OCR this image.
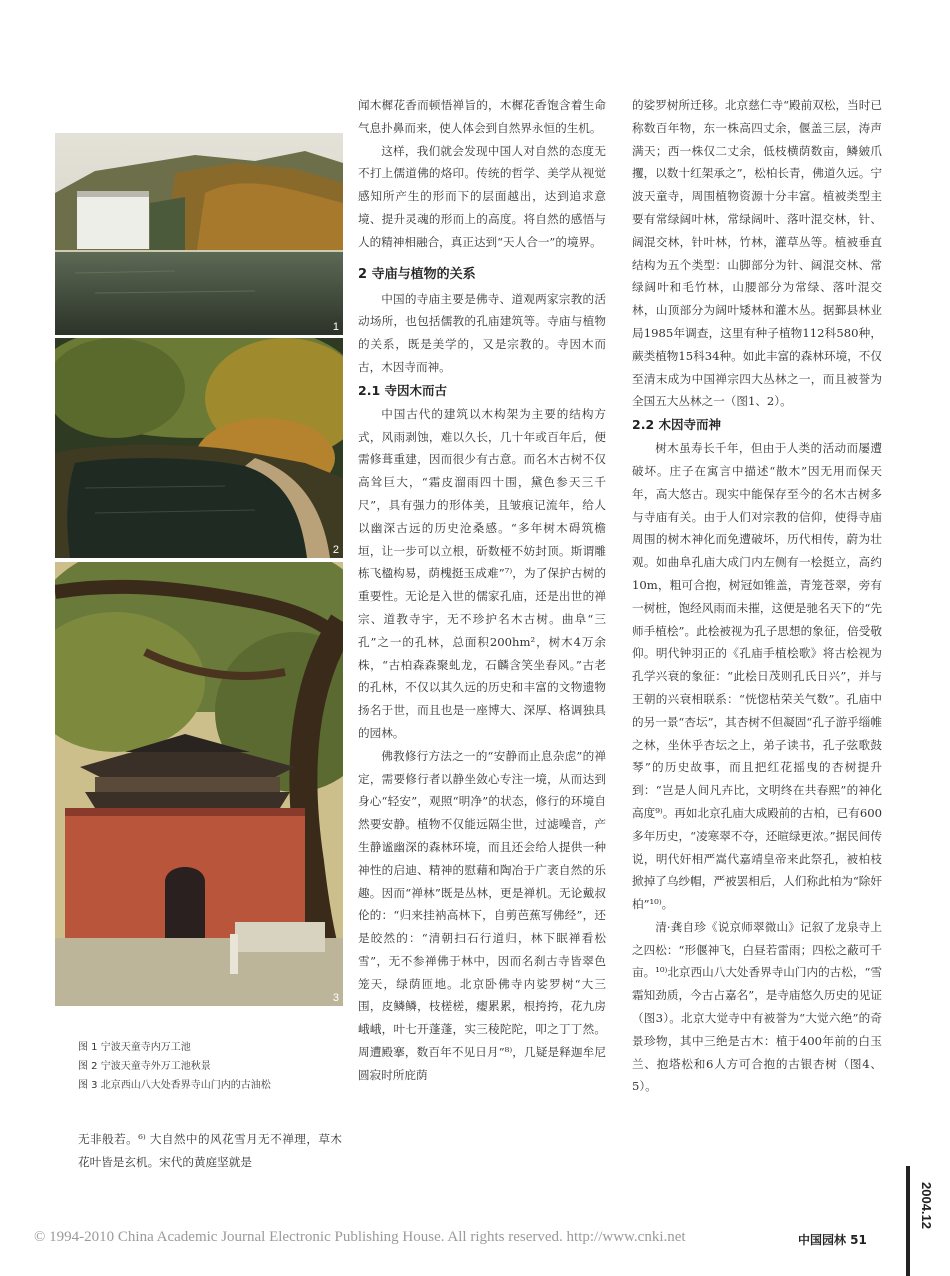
1
2
3
图 1 宁波天童寺内万工池
图 2 宁波天童寺外万工池秋景
图 3 北京西山八大处香界寺山门内的古油松

无非般若。⁶⁾ 大自然中的风花雪月无不禅理，草木花叶皆是玄机。宋代的黄庭坚就是

闻木樨花香而顿悟禅旨的，木樨花香饱含着生命气息扑鼻而来，使人体会到自然界永恒的生机。

这样，我们就会发现中国人对自然的态度无不打上儒道佛的烙印。传统的哲学、美学从视觉感知所产生的形而下的层面越出，达到追求意境、提升灵魂的形而上的高度。将自然的感悟与人的精神相融合，真正达到“天人合一”的境界。

2 寺庙与植物的关系

中国的寺庙主要是佛寺、道观两家宗教的活动场所，也包括儒教的孔庙建筑等。寺庙与植物的关系，既是美学的，又是宗教的。寺因木而古，木因寺而神。

2.1 寺因木而古

中国古代的建筑以木构架为主要的结构方式，风雨剥蚀，难以久长，几十年或百年后，便需修葺重建，因而很少有古意。而名木古树不仅高耸巨大，“霜皮溜雨四十围，黛色参天三千尺”，具有强力的形体美，且皱痕记流年，给人以幽深古远的历史沧桑感。“多年树木碍筑檐垣，让一步可以立根，斫数桠不妨封顶。斯谓雕栋飞楹构易，荫槐挺玉成难”⁷⁾，为了保护古树的重要性。无论是入世的儒家孔庙，还是出世的禅宗、道教寺宇，无不珍护名木古树。曲阜“三孔”之一的孔林，总面积200hm²，树木4万余株，“古柏森森聚虬龙，石麟含笑坐春风。”古老的孔林，不仅以其久远的历史和丰富的文物遗物扬名于世，而且也是一座博大、深厚、格调独具的园林。

佛教修行方法之一的“安静而止息杂虑”的禅定，需要修行者以静坐敛心专注一境，从而达到身心“轻安”，观照“明净”的状态，修行的环境自然要安静。植物不仅能远隔尘世，过滤噪音，产生静谧幽深的森林环境，而且还会给人提供一种神性的启迪、精神的慰藉和陶冶于广袤自然的乐趣。因而“禅林”既是丛林，更是禅机。无论戴叔伦的：“归来挂衲高林下，自剪芭蕉写佛经”，还是皎然的：“清朝扫石行道归，林下眠禅看松雪”，无不参禅佛于林中，因而名刹古寺皆翠色笼天，绿荫匝地。北京卧佛寺内娑罗树“大三围，皮鳞鳞，枝槎槎，瘿累累，根挎挎，花九房峨峨，叶七开蓬蓬，实三稜陀陀，叩之丁丁然。周遭殿搴，数百年不见日月”⁸⁾，几疑是释迦牟尼圆寂时所庇荫

的娑罗树所迁移。北京慈仁寺“殿前双松，当时已称数百年物，东一株高四丈余，偃盖三层，涛声满天；西一株仅二丈余，低枝横荫数亩，鳞皴爪攫，以数十红架承之”，松柏长青，佛道久远。宁波天童寺，周围植物资源十分丰富。植被类型主要有常绿阔叶林，常绿阔叶、落叶混交林，针、阔混交林，针叶林，竹林，灌草丛等。植被垂直结构为五个类型：山脚部分为针、阔混交林、常绿阔叶和毛竹林，山腰部分为常绿、落叶混交林，山顶部分为阔叶矮林和灌木丛。据鄞县林业局1985年调查，这里有种子植物112科580种，蕨类植物15科34种。如此丰富的森林环境，不仅至清末成为中国禅宗四大丛林之一，而且被誉为全国五大丛林之一（图1、2）。

2.2 木因寺而神

树木虽寿长千年，但由于人类的活动而屡遭破坏。庄子在寓言中描述“散木”因无用而保天年，高大悠古。现实中能保存至今的名木古树多与寺庙有关。由于人们对宗教的信仰，使得寺庙周围的树木神化而免遭破坏，历代相传，蔚为壮观。如曲阜孔庙大成门内左侧有一桧挺立，高约10m，粗可合抱，树冠如锥盖，青笼苍翠，旁有一树桩，饱经风雨而未摧，这便是驰名天下的“先师手植桧”。此桧被视为孔子思想的象征，倍受敬仰。明代钟羽正的《孔庙手植桧歌》将古桧视为孔学兴衰的象征：“此桧日茂则孔氏日兴”，并与王朝的兴衰相联系：“恍惚枯荣关气数”。孔庙中的另一景“杏坛”，其杏树不但凝固“孔子游乎缁帷之林，坐休乎杏坛之上，弟子读书，孔子弦歌鼓琴”的历史故事，而且把红花摇曳的杏树提升到：“岂是人间凡卉比，文明终在共春熙”的神化高度⁹⁾。再如北京孔庙大成殿前的古柏，已有600多年历史，“凌寒翠不夺，还暄绿更浓。”据民间传说，明代奸相严嵩代嘉靖皇帝来此祭孔，被柏枝掀掉了乌纱帽，严被罢相后，人们称此柏为“除奸柏”¹⁰⁾。

清·龚自珍《说京师翠微山》记叙了龙泉寺上之四松：“形偃神飞，白昼若雷雨；四松之蔽可千亩。¹⁰⁾北京西山八大处香界寺山门内的古松，“雪霜知劲质，今古占嘉名”，是寺庙悠久历史的见证（图3）。北京大觉寺中有被誉为“大觉六绝”的奇景珍物，其中三绝是古木：植于400年前的白玉兰、抱塔松和6人方可合抱的古银杏树（图4、5）。

© 1994-2010 China Academic Journal Electronic Publishing House. All rights reserved. http://www.cnki.net	中国园林 51
2004.12
